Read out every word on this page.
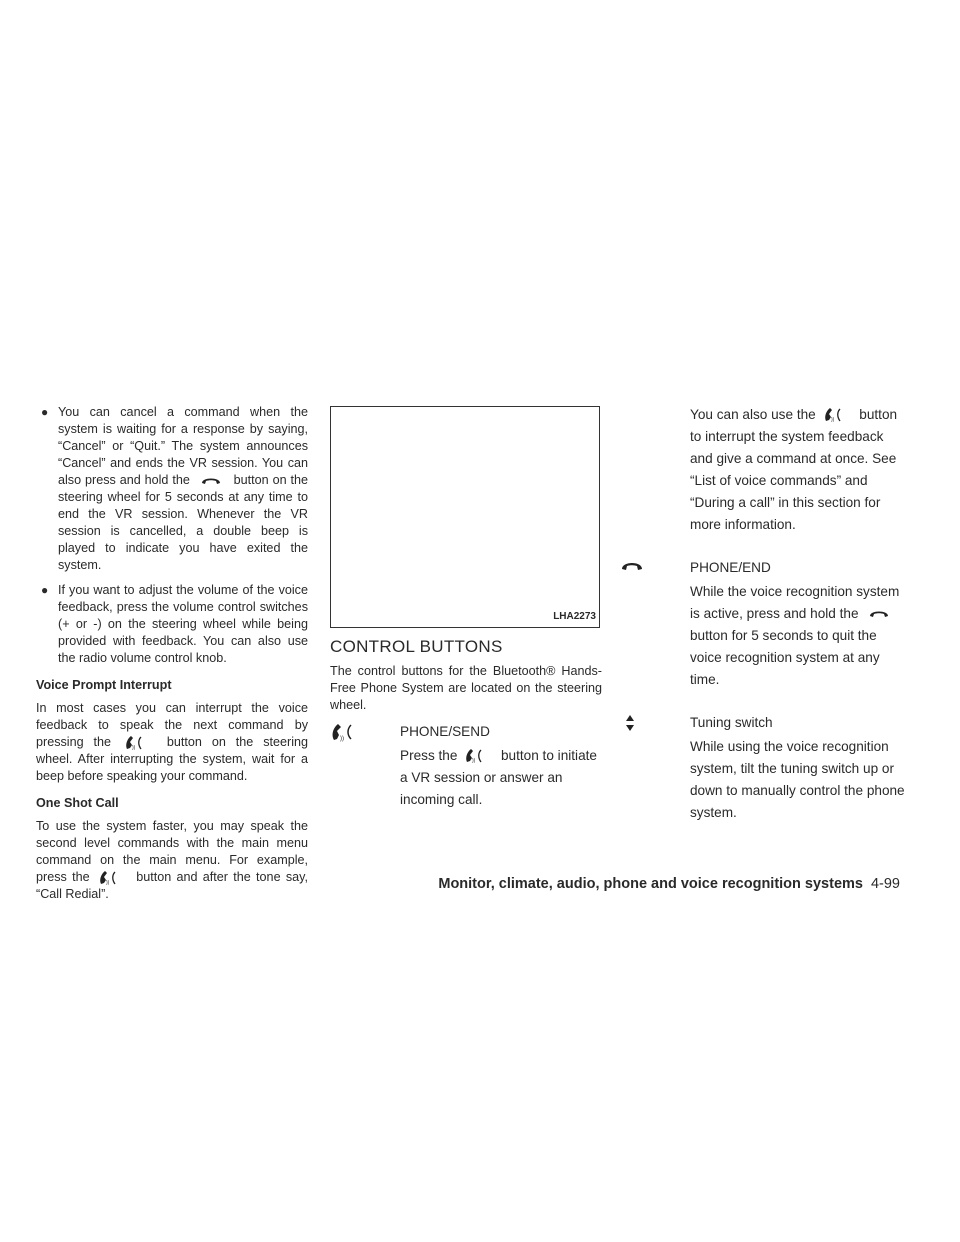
● You can cancel a command when the system is waiting for a response by saying, “Cancel” or “Quit.” The system announces “Cancel” and ends the VR session. You can also press and hold the	button on the steering wheel for 5 seconds at any time to end the VR session. Whenever the VR session is cancelled, a double beep is played to indicate you have exited the system.
● If you want to adjust the volume of the voice feedback, press the volume control switches (+ or -) on the steering wheel while being provided with feedback. You can also use the radio volume control knob.
Voice Prompt Interrupt
In most cases you can interrupt the voice feedback to speak the next command by pressing the	))	button on the steering wheel. After interrupting the system, wait for a beep before speaking your command.
One Shot Call
To use the system faster, you may speak the second level commands with the main menu command on the main menu. For example, press the	)) button and after the tone say, “Call Redial”.
LHA2273
CONTROL BUTTONS
The control buttons for the Bluetooth® Hands-Free Phone System are located on the steering wheel.
))	PHONE/SEND
Press the	)) button to initiate a VR session or answer an incoming call.
You can also use the	)) button to interrupt the system feedback and give a command at once. See “List of voice commands” and “During a call” in this section for more information.
PHONE/END
While the voice recognition system is active, press and hold the
button for 5 seconds to quit the voice recognition system at any time.
Tuning switch
While using the voice recognition system, tilt the tuning switch up or down to manually control the phone system.
Monitor, climate, audio, phone and voice recognition systems 4-99
